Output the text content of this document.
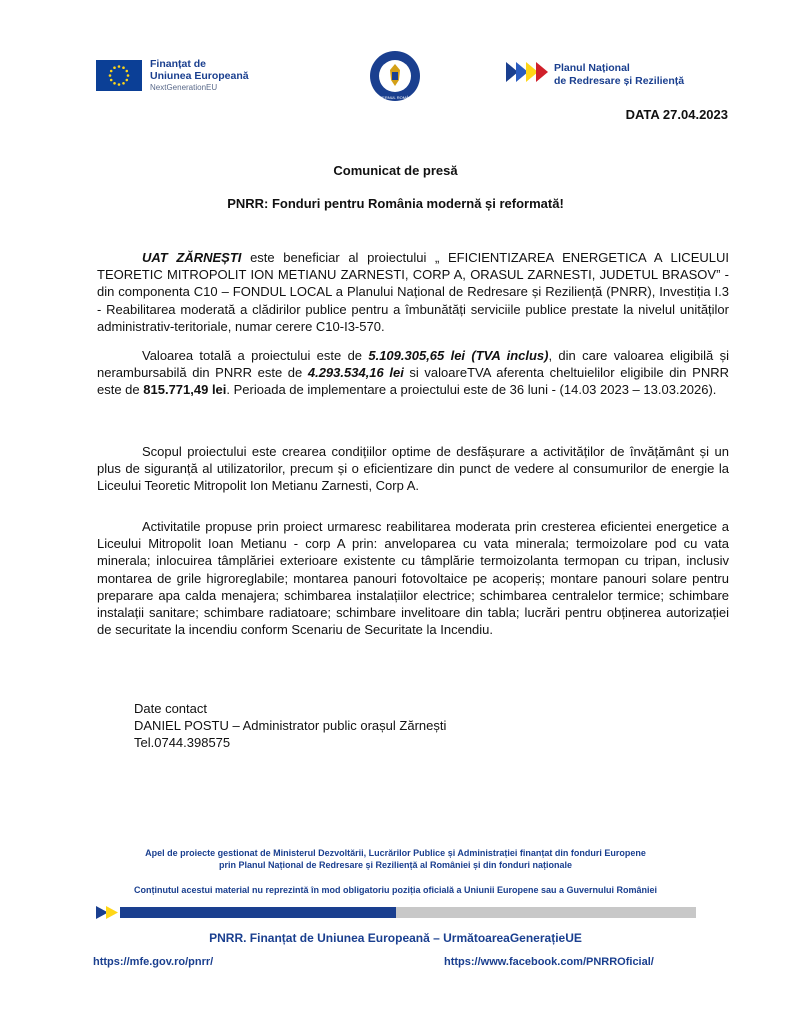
Finanțat de
Uniunea Europeană
NextGenerationEU
GUVERNUL ROMÂNIEI
Planul Național
de Redresare și Reziliență
DATA 27.04.2023
Comunicat de presă
PNRR: Fonduri pentru România modernă și reformată!
UAT ZĂRNEȘTI este beneficiar al proiectului „ EFICIENTIZAREA ENERGETICA A LICEULUI TEORETIC MITROPOLIT ION METIANU ZARNESTI, CORP A, ORASUL ZARNESTI, JUDETUL BRASOV” - din componenta C10 – FONDUL LOCAL a Planului Național de Redresare și Reziliență (PNRR), Investiția I.3 - Reabilitarea moderată a clădirilor publice pentru a îmbunătăți serviciile publice prestate la nivelul unităților administrativ-teritoriale, numar cerere C10-I3-570.
Valoarea totală a proiectului este de 5.109.305,65 lei (TVA inclus), din care valoarea eligibilă și nerambursabilă din PNRR este de 4.293.534,16 lei si valoareTVA aferenta cheltuielilor eligibile din PNRR este de 815.771,49 lei. Perioada de implementare a proiectului este de 36 luni - (14.03 2023 – 13.03.2026).
Scopul proiectului este crearea condițiilor optime de desfășurare a activităților de învățământ și un plus de siguranță al utilizatorilor, precum și o eficientizare din punct de vedere al consumurilor de energie la Liceului Teoretic Mitropolit Ion Metianu Zarnesti, Corp A.
Activitatile propuse prin proiect urmaresc reabilitarea moderata prin cresterea eficientei energetice a Liceului Mitropolit Ioan Metianu - corp A prin: anveloparea cu vata minerala; termoizolare pod cu vata minerala; inlocuirea tâmplăriei exterioare existente cu tâmplărie termoizolanta termopan cu tripan, inclusiv montarea de grile higroreglabile; montarea panouri fotovoltaice pe acoperiș; montare panouri solare pentru preparare apa calda menajera; schimbarea instalațiilor electrice; schimbarea centralelor termice; schimbare instalații sanitare; schimbare radiatoare; schimbare invelitoare din tabla; lucrări pentru obținerea autorizației de securitate la incendiu conform Scenariu de Securitate la Incendiu.
Date contact
DANIEL POSTU – Administrator public orașul Zărnești
Tel.0744.398575
Apel de proiecte gestionat de Ministerul Dezvoltării, Lucrărilor Publice și Administrației finanțat din fonduri Europene
prin Planul Național de Redresare și Reziliență al României și din fonduri naționale
Conținutul acestui material nu reprezintă în mod obligatoriu poziția oficială a Uniunii Europene sau a Guvernului României
PNRR. Finanțat de Uniunea Europeană – UrmătoareaGenerațieUE
https://mfe.gov.ro/pnrr/	https://www.facebook.com/PNRROficial/
